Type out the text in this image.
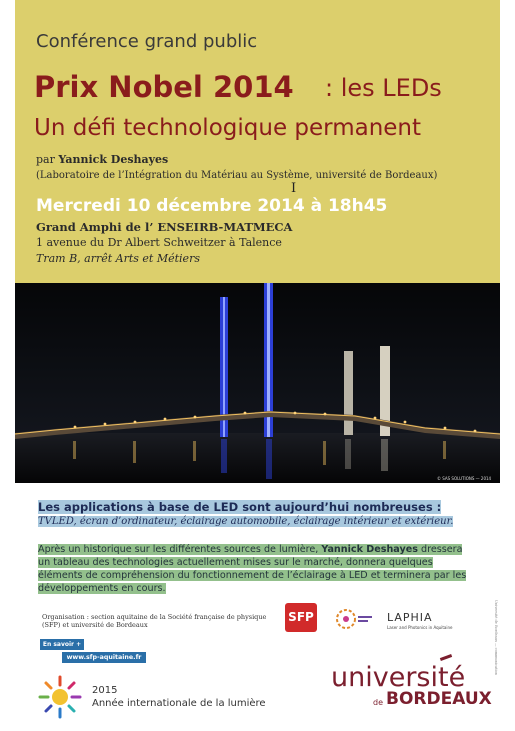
Conférence grand public
Prix Nobel 2014 : les LEDs
Un défi technologique permanent
par Yannick Deshayes
(Laboratoire de l’Intégration du Matériau au Système, université de Bordeaux)
I
Mercredi 10 décembre 2014 à 18h45
Grand Amphi de l’ ENSEIRB-MATMECA
1 avenue du Dr Albert Schweitzer à Talence
Tram B, arrêt Arts et Métiers
© SAS SOLUTIONS — 2014
Les applications à base de LED sont aujourd’hui nombreuses :
TVLED, écran d’ordinateur, éclairage automobile, éclairage intérieur et extérieur.
Après un historique sur les différentes sources de lumière, Yannick Deshayes dressera un tableau des technologies actuellement mises sur le marché, donnera quelques éléments de compréhension du fonctionnement de l’éclairage à LED et terminera par les développements en cours.
Organisation : section aquitaine de la Société française de physique (SFP) et université de Bordeaux
En savoir +
www.sfp-aquitaine.fr
SFP	LAPHIA
Laser and Photonics in Aquitaine	Université de Bordeaux — communication
2015
Année internationale de la lumière
université
de BORDEAUX
